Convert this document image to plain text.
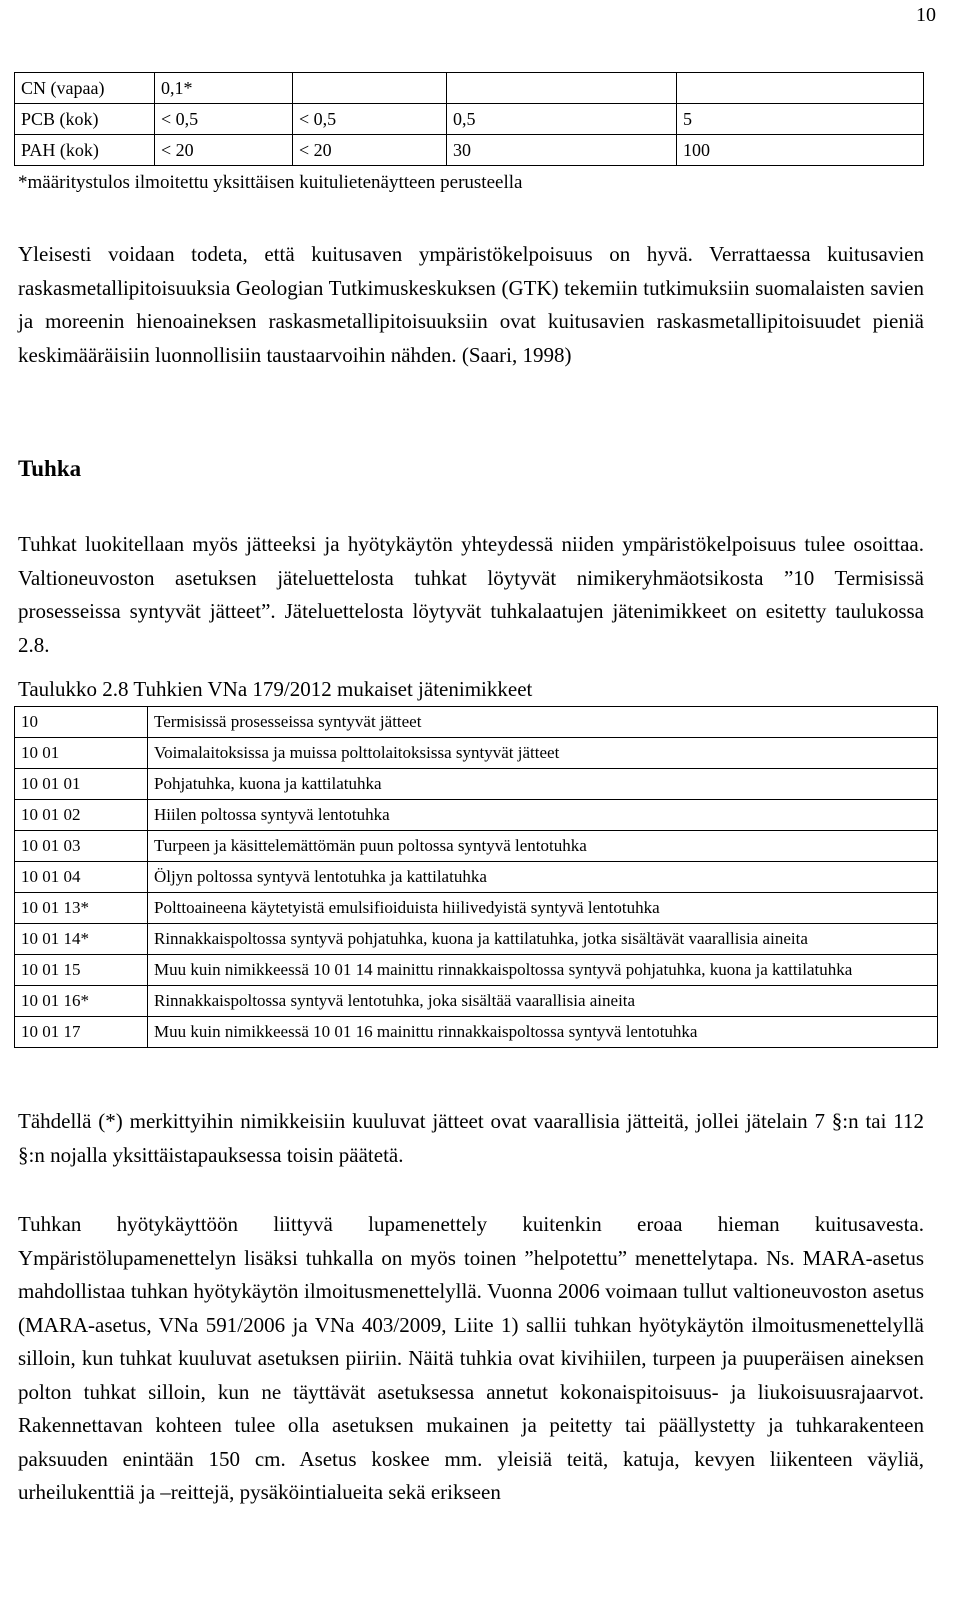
10
CN (vapaa)	0,1*			
PCB (kok)	< 0,5	< 0,5	0,5	5
PAH (kok)	< 20	< 20	30	100
*määritystulos ilmoitettu yksittäisen kuitulietenäytteen perusteella

Yleisesti voidaan todeta, että kuitusaven ympäristökelpoisuus on hyvä. Verrattaessa kuitusavien raskasmetallipitoisuuksia Geologian Tutkimuskeskuksen (GTK) tekemiin tutkimuksiin suomalaisten savien ja moreenin hienoaineksen raskasmetallipitoisuuksiin ovat kuitusavien raskasmetallipitoisuudet pieniä keskimääräisiin luonnollisiin taustaarvoihin nähden. (Saari, 1998)

Tuhka

Tuhkat luokitellaan myös jätteeksi ja hyötykäytön yhteydessä niiden ympäristökelpoisuus tulee osoittaa. Valtioneuvoston asetuksen jäteluettelosta tuhkat löytyvät nimikeryhmäotsikosta ”10 Termisissä prosesseissa syntyvät jätteet”. Jäteluettelosta löytyvät tuhkalaatujen jätenimikkeet on esitetty taulukossa 2.8.

Taulukko 2.8 Tuhkien VNa 179/2012 mukaiset jätenimikkeet
10	Termisissä prosesseissa syntyvät jätteet
10 01	Voimalaitoksissa ja muissa polttolaitoksissa syntyvät jätteet
10 01 01	Pohjatuhka, kuona ja kattilatuhka
10 01 02	Hiilen poltossa syntyvä lentotuhka
10 01 03	Turpeen ja käsittelemättömän puun poltossa syntyvä lentotuhka
10 01 04	Öljyn poltossa syntyvä lentotuhka ja kattilatuhka
10 01 13*	Polttoaineena käytetyistä emulsifioiduista hiilivedyistä syntyvä lentotuhka
10 01 14*	Rinnakkaispoltossa syntyvä pohjatuhka, kuona ja kattilatuhka, jotka sisältävät vaarallisia aineita
10 01 15	Muu kuin nimikkeessä 10 01 14 mainittu rinnakkaispoltossa syntyvä pohjatuhka, kuona ja kattilatuhka
10 01 16*	Rinnakkaispoltossa syntyvä lentotuhka, joka sisältää vaarallisia aineita
10 01 17	Muu kuin nimikkeessä 10 01 16 mainittu rinnakkaispoltossa syntyvä lentotuhka

Tähdellä (*) merkittyihin nimikkeisiin kuuluvat jätteet ovat vaarallisia jätteitä, jollei jätelain 7 §:n tai 112 §:n nojalla yksittäistapauksessa toisin päätetä.

Tuhkan hyötykäyttöön liittyvä lupamenettely kuitenkin eroaa hieman kuitusavesta. Ympäristölupamenettelyn lisäksi tuhkalla on myös toinen ”helpotettu” menettelytapa. Ns. MARA-asetus mahdollistaa tuhkan hyötykäytön ilmoitusmenettelyllä. Vuonna 2006 voimaan tullut valtioneuvoston asetus (MARA-asetus, VNa 591/2006 ja VNa 403/2009, Liite 1) sallii tuhkan hyötykäytön ilmoitusmenettelyllä silloin, kun tuhkat kuuluvat asetuksen piiriin. Näitä tuhkia ovat kivihiilen, turpeen ja puuperäisen aineksen polton tuhkat silloin, kun ne täyttävät asetuksessa annetut kokonaispitoisuus- ja liukoisuusrajaarvot. Rakennettavan kohteen tulee olla asetuksen mukainen ja peitetty tai päällystetty ja tuhkarakenteen paksuuden enintään 150 cm. Asetus koskee mm. yleisiä teitä, katuja, kevyen liikenteen väyliä, urheilukenttiä ja –reittejä, pysäköintialueita sekä erikseen
